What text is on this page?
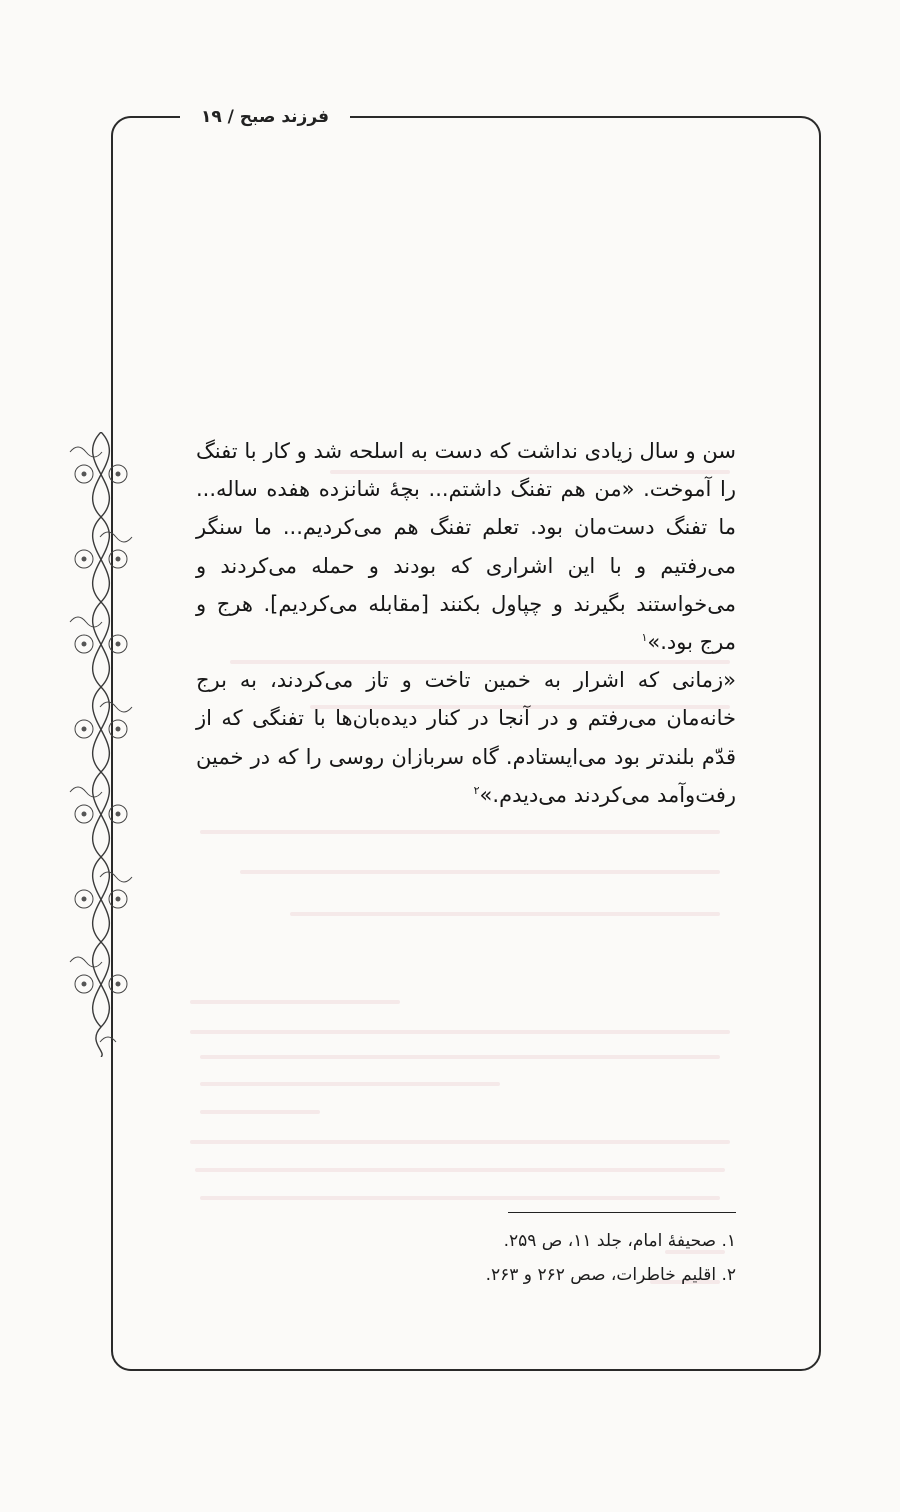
فرزند صبح / ۱۹

سن و سال زیادی نداشت که دست به اسلحه شد و کار با تفنگ را آموخت. «من هم تفنگ داشتم... بچهٔ شانزده هفده ساله... ما تفنگ دست‌مان بود. تعلم تفنگ هم می‌کردیم... ما سنگر می‌رفتیم و با این اشراری که بودند و حمله می‌کردند و می‌خواستند بگیرند و چپاول بکنند [مقابله می‌کردیم]. هرج و مرج بود.»$^۱$

«زمانی که اشرار به خمین تاخت و تاز می‌کردند، به برج خانه‌مان می‌رفتم و در آنجا در کنار دیده‌بان‌ها با تفنگی که از قدّم بلندتر بود می‌ایستادم. گاه سربازان روسی را که در خمین رفت‌وآمد می‌کردند می‌دیدم.»$^۲$

۱. صحیفهٔ امام، جلد ۱۱، ص ۲۵۹.
۲. اقلیم خاطرات، صص ۲۶۲ و ۲۶۳.
